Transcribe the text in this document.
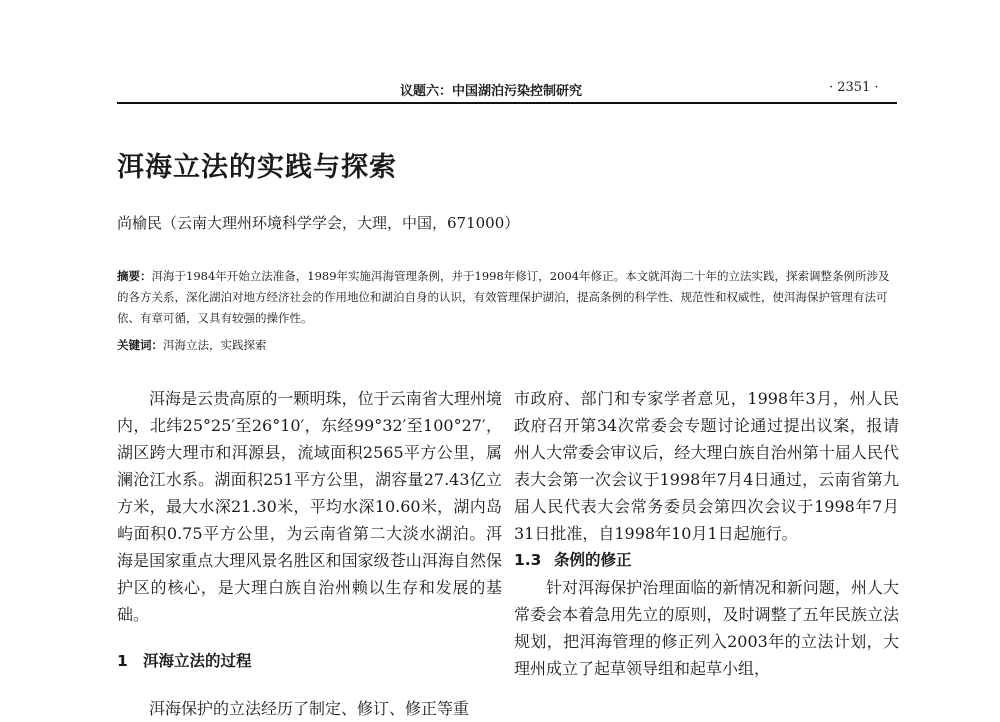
议题六：中国湖泊污染控制研究	· 2351 ·
洱海立法的实践与探索
尚榆民（云南大理州环境科学学会，大理，中国，671000）
摘要：洱海于1984年开始立法准备，1989年实施洱海管理条例，并于1998年修订，2004年修正。本文就洱海二十年的立法实践，探索调整条例所涉及的各方关系，深化湖泊对地方经济社会的作用地位和湖泊自身的认识，有效管理保护湖泊，提高条例的科学性、规范性和权威性，使洱海保护管理有法可依、有章可循，又具有较强的操作性。
关键词：洱海立法，实践探索

洱海是云贵高原的一颗明珠，位于云南省大理州境内，北纬25°25′至26°10′，东经99°32′至100°27′，湖区跨大理市和洱源县，流域面积2565平方公里，属澜沧江水系。湖面积251平方公里，湖容量27.43亿立方米，最大水深21.30米，平均水深10.60米，湖内岛屿面积0.75平方公里，为云南省第二大淡水湖泊。洱海是国家重点大理风景名胜区和国家级苍山洱海自然保护区的核心，是大理白族自治州赖以生存和发展的基础。

1 洱海立法的过程

洱海保护的立法经历了制定、修订、修正等重

市政府、部门和专家学者意见，1998年3月，州人民政府召开第34次常委会专题讨论通过提出议案，报请州人大常委会审议后，经大理白族自治州第十届人民代表大会第一次会议于1998年7月4日通过，云南省第九届人民代表大会常务委员会第四次会议于1998年7月31日批准，自1998年10月1日起施行。

1.3 条例的修正

针对洱海保护治理面临的新情况和新问题，州人大常委会本着急用先立的原则，及时调整了五年民族立法规划，把洱海管理的修正列入2003年的立法计划，大理州成立了起草领导组和起草小组，
